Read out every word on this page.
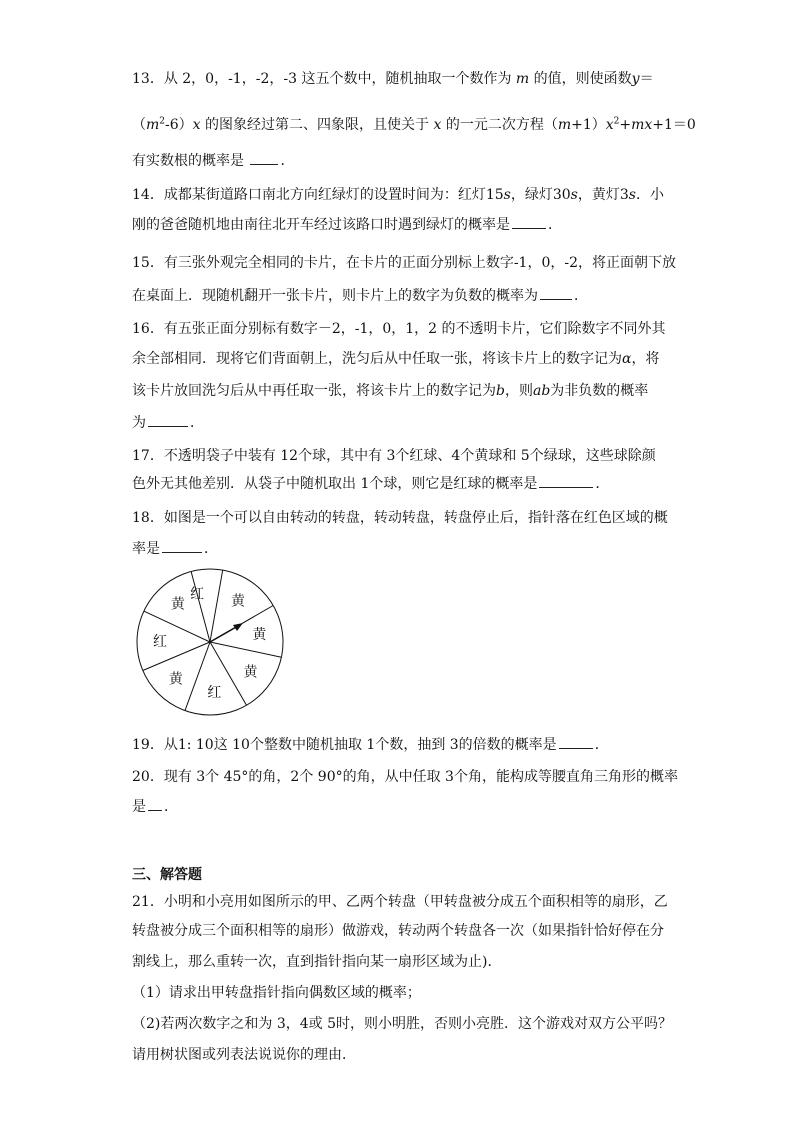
13．从 2，0，-1，-2，-3 这五个数中，随机抽取一个数作为 m 的值，则使函数y＝
$(m^2-6)x$ 的图象经过第二、四象限，且使关于 x 的一元二次方程$(m+1)x^2+mx+1=0$
有实数根的概率是 ．
14．成都某街道路口南北方向红绿灯的设置时间为：红灯15s，绿灯30s，黄灯3s．小
刚的爸爸随机地由南往北开车经过该路口时遇到绿灯的概率是	．
15．有三张外观完全相同的卡片，在卡片的正面分别标上数字-1，0，-2，将正面朝下放
在桌面上．现随机翻开一张卡片，则卡片上的数字为负数的概率为	．
16．有五张正面分别标有数字－2，-1，0，1，2 的不透明卡片，它们除数字不同外其
余全部相同．现将它们背面朝上，洗匀后从中任取一张，将该卡片上的数字记为α，将
该卡片放回洗匀后从中再任取一张，将该卡片上的数字记为b，则ab为非负数的概率
为	．
17．不透明袋子中装有 12个球，其中有 3个红球、4个黄球和 5个绿球，这些球除颜
色外无其他差别．从袋子中随机取出 1个球，则它是红球的概率是	．
18．如图是一个可以自由转动的转盘，转动转盘，转盘停止后，指针落在红色区域的概
率是	．
红 黄
黄
黄
红
黄
红
黄
19．从1: 10这 10个整数中随机抽取 1个数，抽到 3的倍数的概率是	．
20．现有 3个 45°的角，2个 90°的角，从中任取 3个角，能构成等腰直角三角形的概率
是 ．
三、解答题
21．小明和小亮用如图所示的甲、乙两个转盘（甲转盘被分成五个面积相等的扇形，乙
转盘被分成三个面积相等的扇形）做游戏，转动两个转盘各一次（如果指针恰好停在分
割线上，那么重转一次，直到指针指向某一扇形区域为止)．
（1）请求出甲转盘指针指向偶数区域的概率；
（2)若两次数字之和为 3，4或 5时，则小明胜，否则小亮胜．这个游戏对双方公平吗？
请用树状图或列表法说说你的理由．
